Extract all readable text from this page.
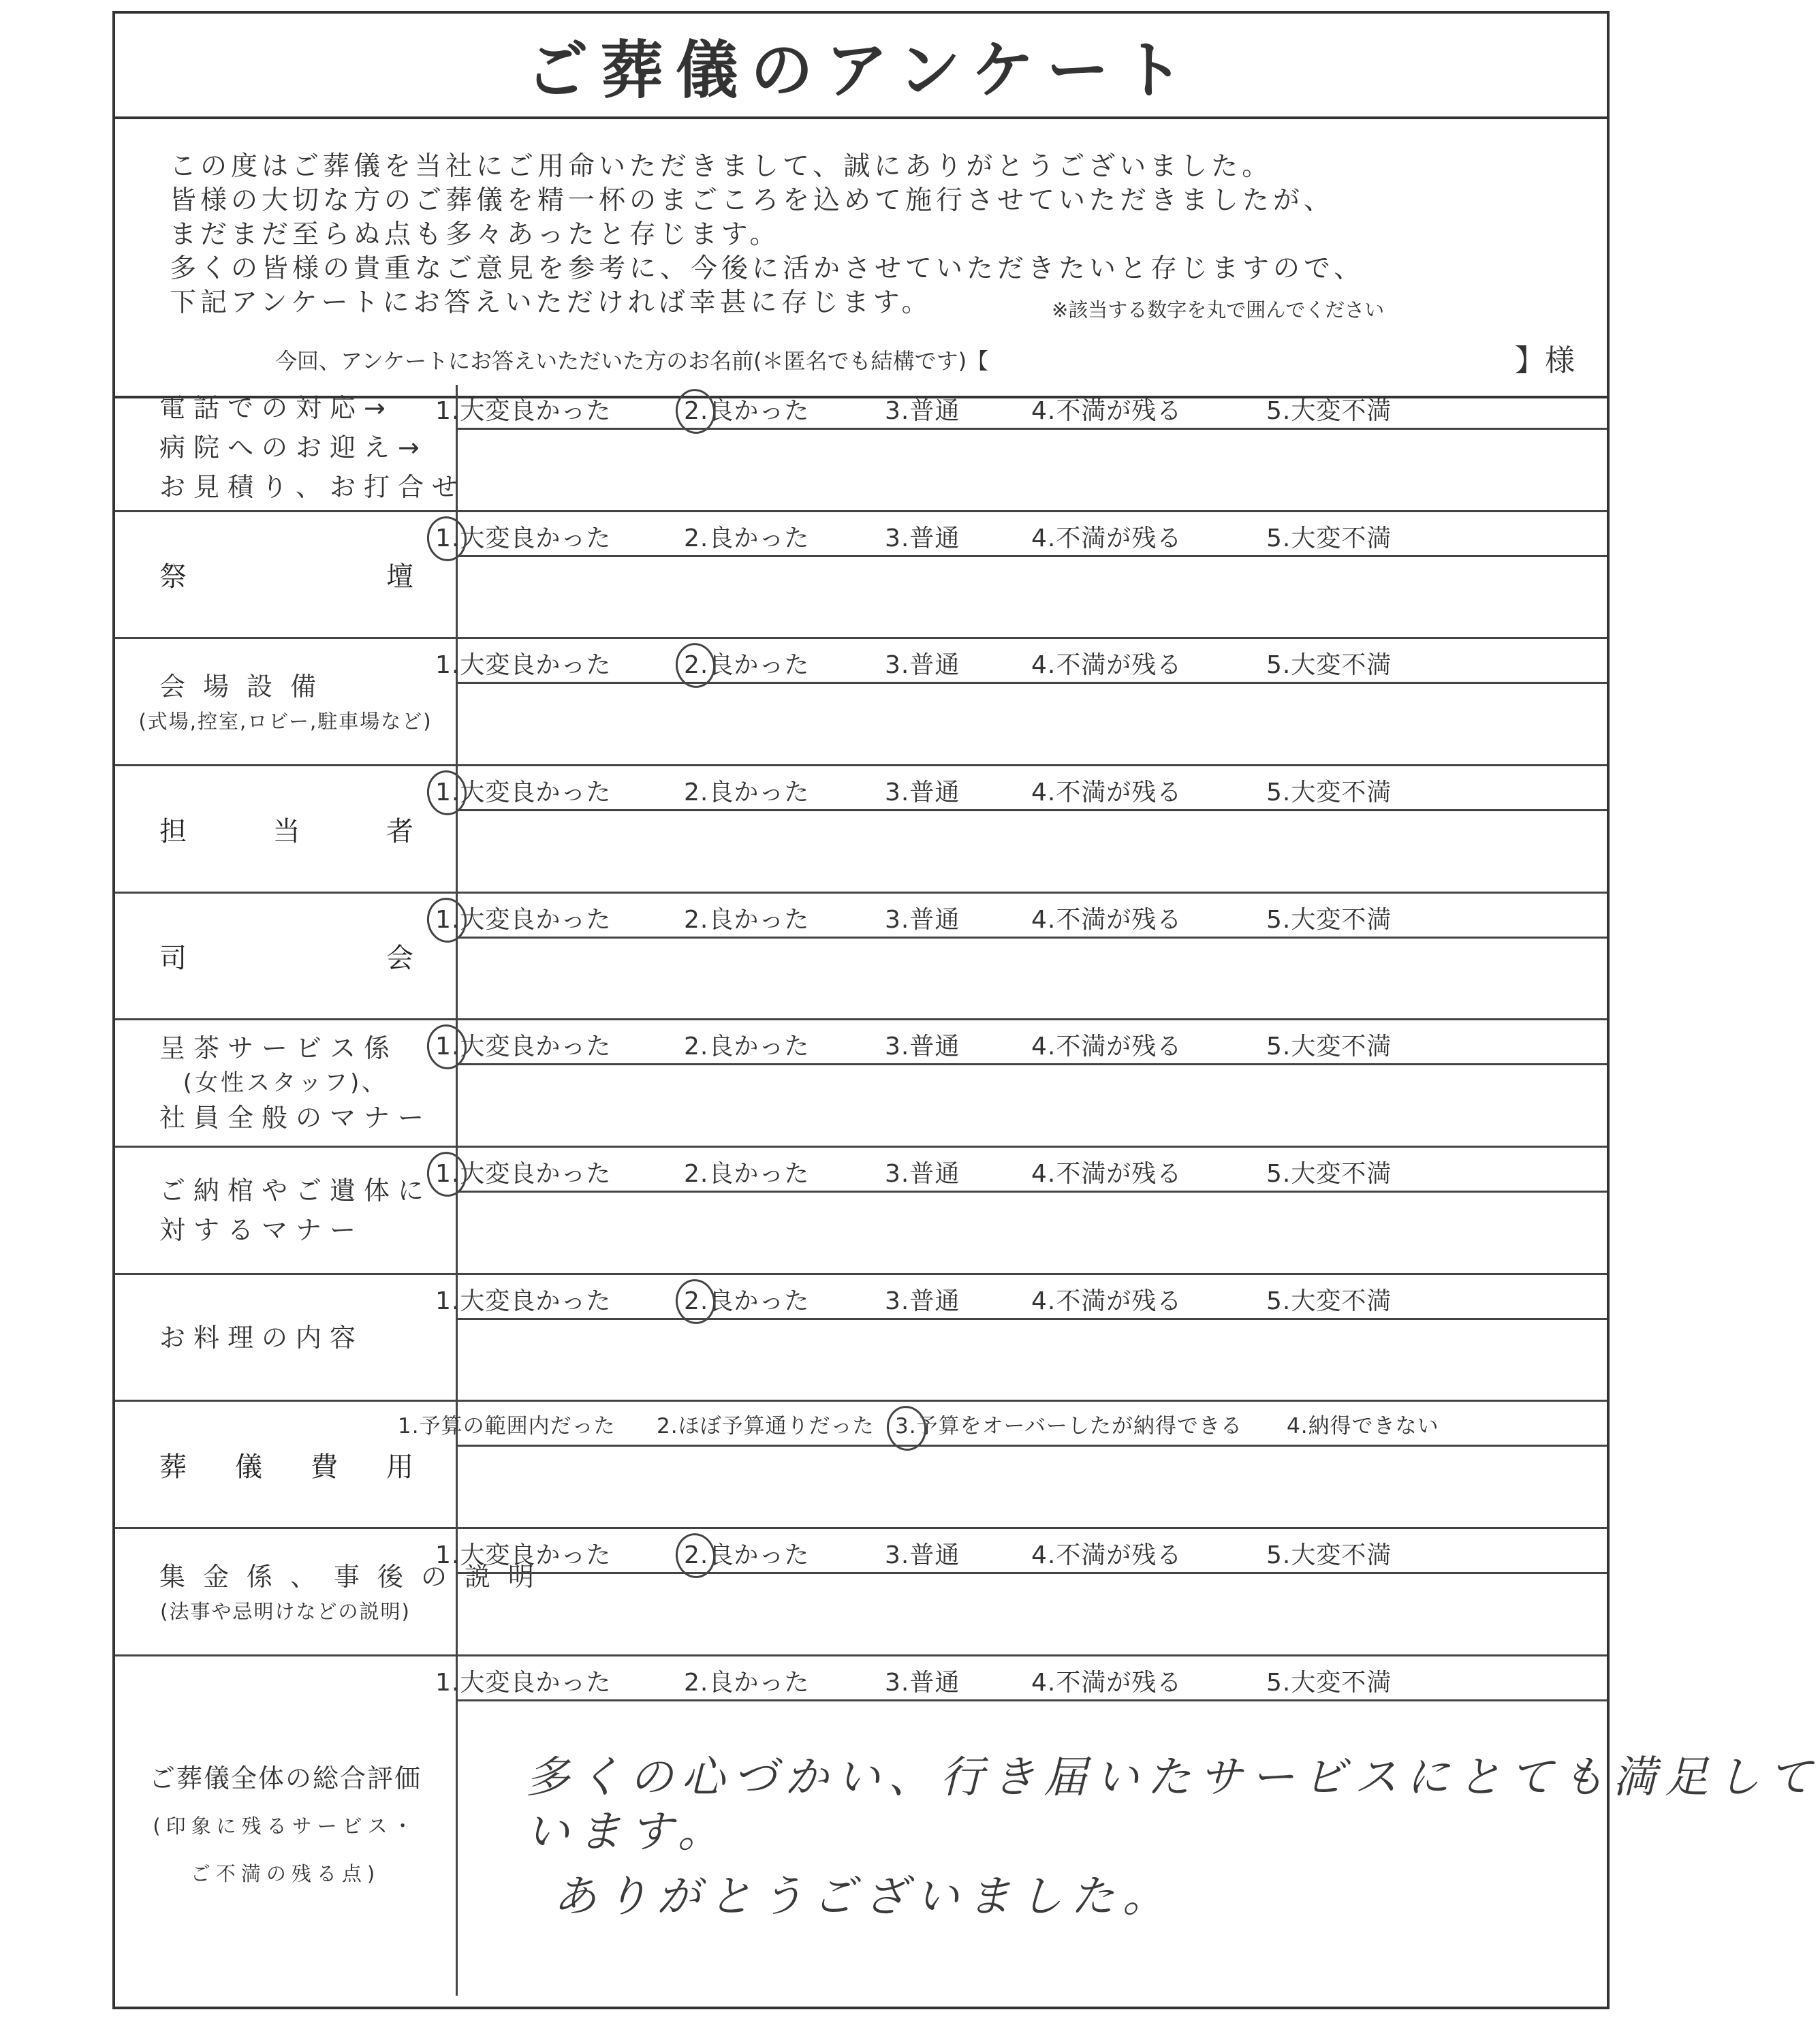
ご葬儀のアンケート
この度はご葬儀を当社にご用命いただきまして、誠にありがとうございました。
皆様の大切な方のご葬儀を精一杯のまごころを込めて施行させていただきましたが、
まだまだ至らぬ点も多々あったと存じます。
多くの皆様の貴重なご意見を参考に、今後に活かさせていただきたいと存じますので、
下記アンケートにお答えいただければ幸甚に存じます。	※該当する数字を丸で囲んでください
今回、アンケートにお答えいただいた方のお名前(＊匿名でも結構です)【	】様
電話での対応→
病院へのお迎え→
お見積り、お打合せ
1.大変良かった	2.良かった	3.普通	4.不満が残る	5.大変不満
祭	壇
1.大変良かった	2.良かった	3.普通	4.不満が残る	5.大変不満
会場設備
(式場,控室,ロビー,駐車場など)
1.大変良かった	2.良かった	3.普通	4.不満が残る	5.大変不満
担	当	者
1.大変良かった	2.良かった	3.普通	4.不満が残る	5.大変不満
司	会
1.大変良かった	2.良かった	3.普通	4.不満が残る	5.大変不満
呈茶サービス係
(女性スタッフ)、
社員全般のマナー
1.大変良かった	2.良かった	3.普通	4.不満が残る	5.大変不満
ご納棺やご遺体に
対するマナー
1.大変良かった	2.良かった	3.普通	4.不満が残る	5.大変不満
お料理の内容
1.大変良かった	2.良かった	3.普通	4.不満が残る	5.大変不満
葬 儀 費 用
1.予算の範囲内だった 2.ほぼ予算通りだった 3.予算をオーバーしたが納得できる 4.納得できない
集金係、事後の説明
(法事や忌明けなどの説明)
1.大変良かった	2.良かった	3.普通	4.不満が残る	5.大変不満
ご葬儀全体の総合評価
(印象に残るサービス・
ご不満の残る点)
1.大変良かった	2.良かった	3.普通	4.不満が残る	5.大変不満
多くの心づかい、行き届いたサービスにとても満足して
います。
ありがとうございました。
